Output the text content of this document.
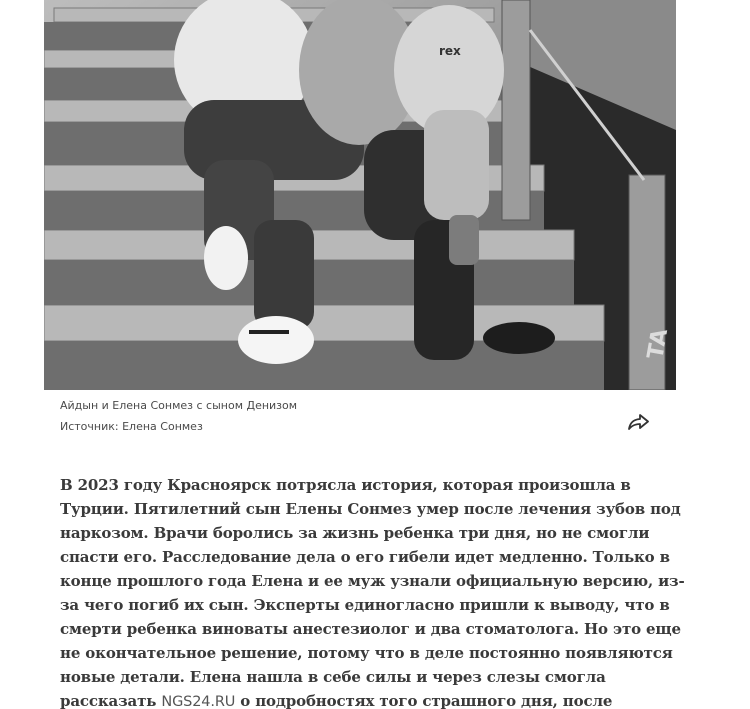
rex
TA
Айдын и Елена Сонмез с сыном Денизом
Источник: Елена Сонмез
В 2023 году Красноярск потрясла история, которая произошла в
Турции. Пятилетний сын Елены Сонмез умер после лечения зубов под
наркозом. Врачи боролись за жизнь ребенка три дня, но не смогли
спасти его. Расследование дела о его гибели идет медленно. Только в
конце прошлого года Елена и ее муж узнали официальную версию, из-
за чего погиб их сын. Эксперты единогласно пришли к выводу, что в
смерти ребенка виноваты анестезиолог и два стоматолога. Но это еще
не окончательное решение, потому что в деле постоянно появляются
новые детали. Елена нашла в себе силы и через слезы смогла
рассказать NGS24.RU о подробностях того страшного дня, после
